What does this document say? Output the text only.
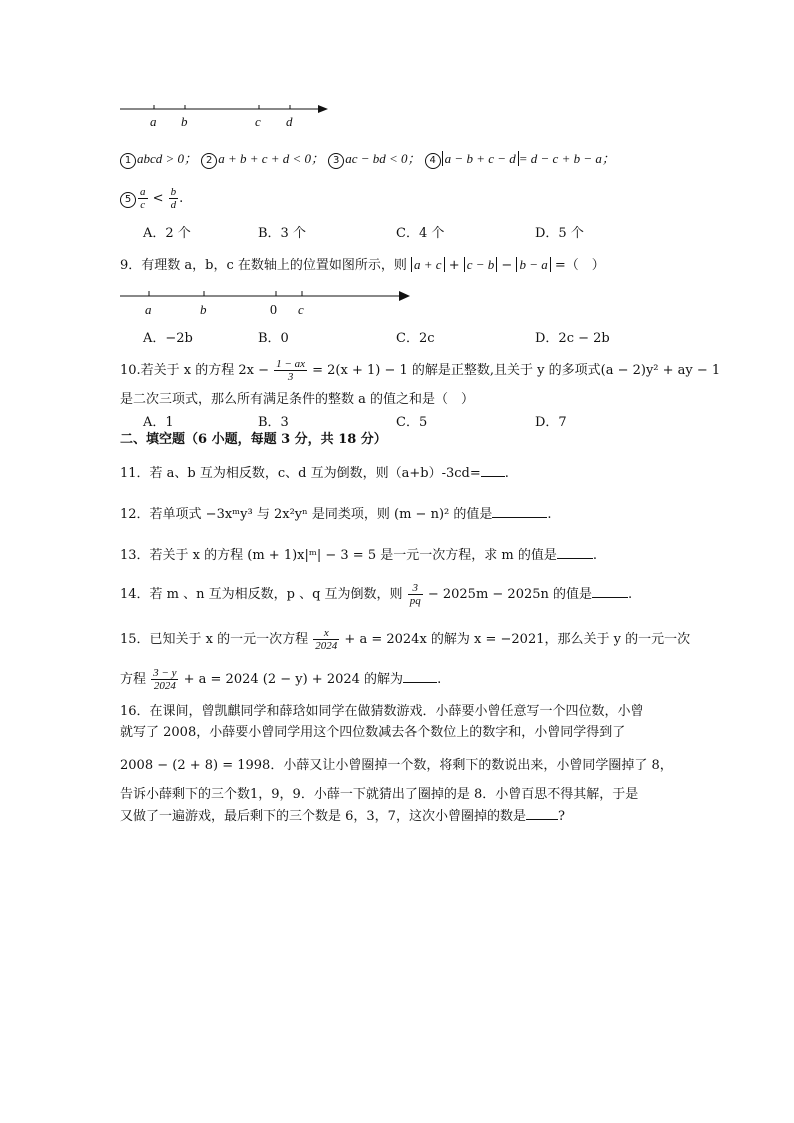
a b	c d
1 abcd > 0； 2 a + b + c + d < 0； 3 ac − bd < 0； 4 a − b + c − d = d − c + b − a；
$5 \frac{a}{c} < \frac{b}{d}$ .
A．2 个	B．3 个	C．4 个	D．5 个
9．有理数 a，b，c 在数轴上的位置如图所示，则 a + c + c − b − b − a =（　）
a	b	0 c
A．−2b	B．0	C．2c	D．2c − 2b
10.若关于 x 的方程 $2x - \frac{1 - ax}{3} = 2(x + 1) - 1$ 的解是正整数,且关于 y 的多项式(a − 2)y² + ay − 1
是二次三项式，那么所有满足条件的整数 a 的值之和是（　）
A．1	B．3	C．5	D．7
二、填空题（6 小题，每题 3 分，共 18 分）
11．若 a、b 互为相反数，c、d 互为倒数，则（a+b）-3cd= .
12．若单项式 −3xᵐy³ 与 2x²yⁿ 是同类项，则 (m − n)² 的值是	.
13．若关于 x 的方程 (m + 1)x|ᵐ| − 3 = 5 是一元一次方程，求 m 的值是	.
14．若 m 、n 互为相反数，p 、q 互为倒数，则 $\frac{3}{pq} - 2025m - 2025n$ 的值是	.
15．已知关于 x 的一元一次方程 $\frac{x}{2024} + a = 2024x$ 的解为 x = −2021，那么关于 y 的一元一次
方程 $\frac{3 - y}{2024} + a = 2024$ (2 − y) + 2024 的解为	.
16．在课间，曾凯麒同学和薛琀如同学在做猜数游戏．小薛要小曾任意写一个四位数，小曾
就写了 2008，小薛要小曾同学用这个四位数减去各个数位上的数字和，小曾同学得到了
2008 − (2 + 8) = 1998．小薛又让小曾圈掉一个数，将剩下的数说出来，小曾同学圈掉了 8，
告诉小薛剩下的三个数1，9，9．小薛一下就猜出了圈掉的是 8．小曾百思不得其解，于是
又做了一遍游戏，最后剩下的三个数是 6，3，7，这次小曾圈掉的数是 ?
